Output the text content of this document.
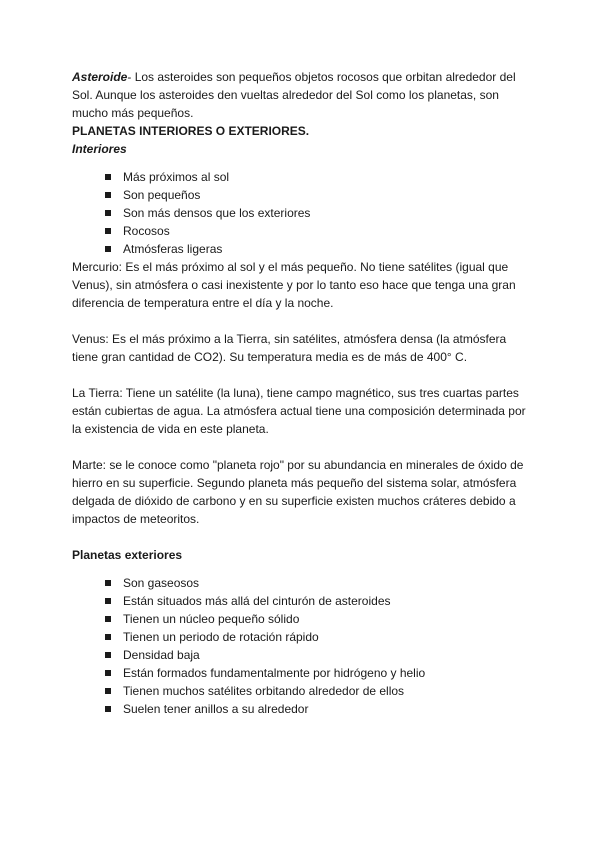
Asteroide- Los asteroides son pequeños objetos rocosos que orbitan alrededor del Sol. Aunque los asteroides den vueltas alrededor del Sol como los planetas, son mucho más pequeños.

PLANETAS INTERIORES O EXTERIORES.

Interiores

Más próximos al sol
Son pequeños
Son más densos que los exteriores
Rocosos
Atmósferas ligeras

Mercurio: Es el más próximo al sol y el más pequeño. No tiene satélites (igual que Venus), sin atmósfera o casi inexistente y por lo tanto eso hace que tenga una gran diferencia de temperatura entre el día y la noche.

Venus: Es el más próximo a la Tierra, sin satélites, atmósfera densa (la atmósfera tiene gran cantidad de CO2). Su temperatura media es de más de 400° C.

La Tierra: Tiene un satélite (la luna), tiene campo magnético, sus tres cuartas partes están cubiertas de agua. La atmósfera actual tiene una composición determinada por la existencia de vida en este planeta.

Marte: se le conoce como "planeta rojo" por su abundancia en minerales de óxido de hierro en su superficie. Segundo planeta más pequeño del sistema solar, atmósfera delgada de dióxido de carbono y en su superficie existen muchos cráteres debido a impactos de meteoritos.

Planetas exteriores

Son gaseosos
Están situados más allá del cinturón de asteroides
Tienen un núcleo pequeño sólido
Tienen un periodo de rotación rápido
Densidad baja
Están formados fundamentalmente por hidrógeno y helio
Tienen muchos satélites orbitando alrededor de ellos
Suelen tener anillos a su alrededor
